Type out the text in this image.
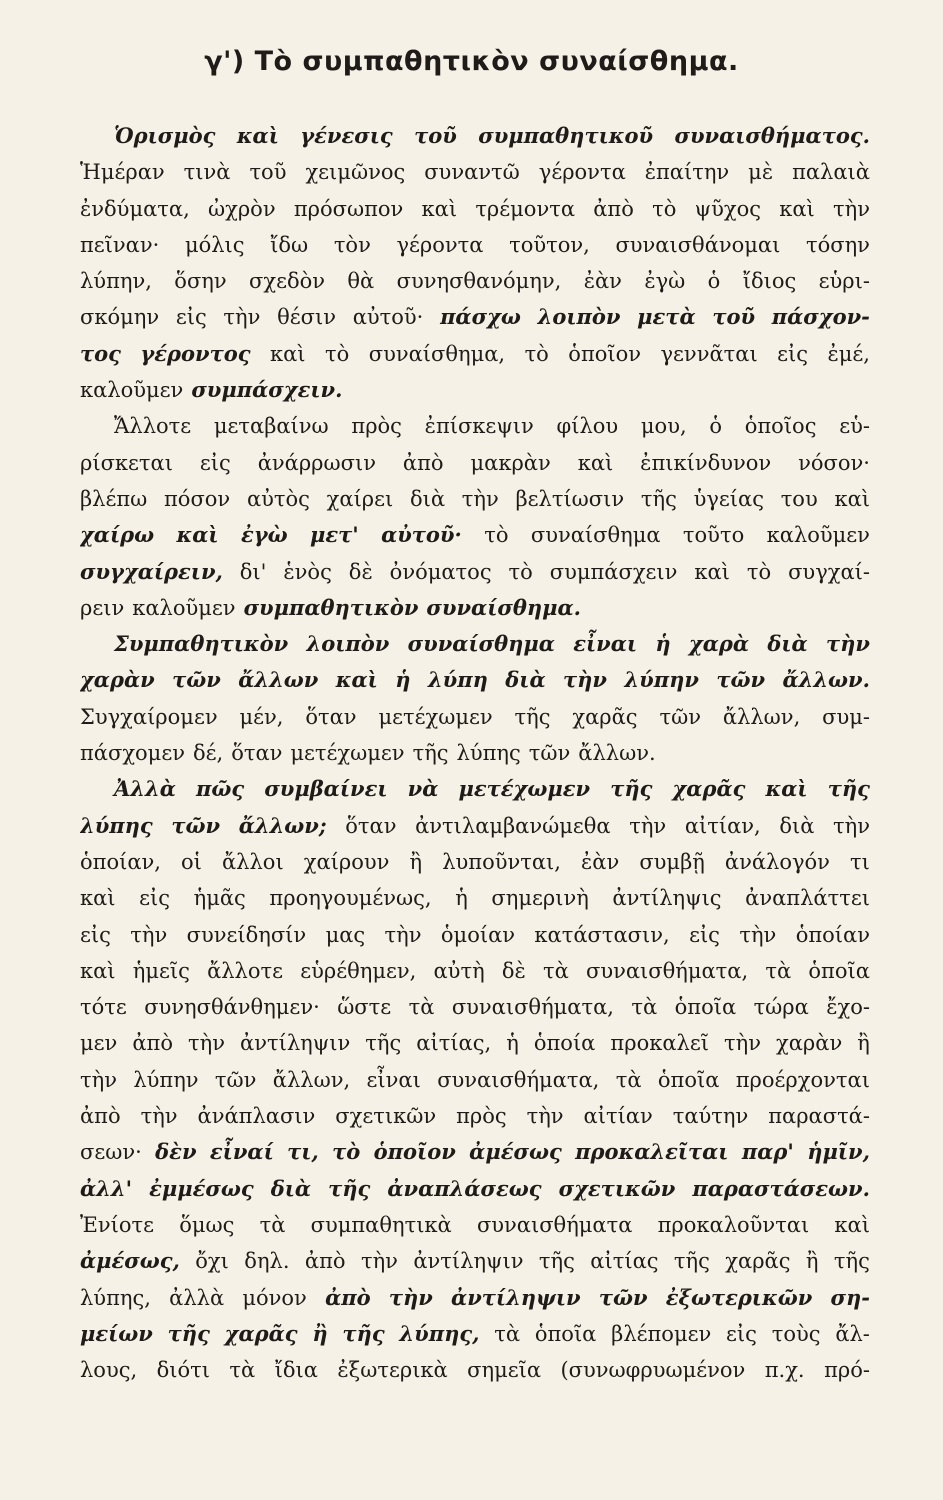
γ') Τὸ συμπαθητικὸν συναίσθημα.
Ὁρισμὸς καὶ γένεσις τοῦ συμπαθητικοῦ συναισθήματος.
Ἡμέραν τινὰ τοῦ χειμῶνος συναντῶ γέροντα ἐπαίτην μὲ παλαιὰ
ἐνδύματα, ὠχρὸν πρόσωπον καὶ τρέμοντα ἀπὸ τὸ ψῦχος καὶ τὴν
πεῖναν· μόλις ἴδω τὸν γέροντα τοῦτον, συναισθάνομαι τόσην
λύπην, ὅσην σχεδὸν θὰ συνησθανόμην, ἐὰν ἐγὼ ὁ ἴδιος εὑρι-
σκόμην εἰς τὴν θέσιν αὐτοῦ· πάσχω λοιπὸν μετὰ τοῦ πάσχον-
τος γέροντος καὶ τὸ συναίσθημα, τὸ ὁποῖον γεννᾶται εἰς ἐμέ,
καλοῦμεν συμπάσχειν.
Ἄλλοτε μεταβαίνω πρὸς ἐπίσκεψιν φίλου μου, ὁ ὁποῖος εὑ-
ρίσκεται εἰς ἀνάρρωσιν ἀπὸ μακρὰν καὶ ἐπικίνδυνον νόσον·
βλέπω πόσον αὐτὸς χαίρει διὰ τὴν βελτίωσιν τῆς ὑγείας του καὶ
χαίρω καὶ ἐγὼ μετ' αὐτοῦ· τὸ συναίσθημα τοῦτο καλοῦμεν
συγχαίρειν, δι' ἑνὸς δὲ ὀνόματος τὸ συμπάσχειν καὶ τὸ συγχαί-
ρειν καλοῦμεν συμπαθητικὸν συναίσθημα.
Συμπαθητικὸν λοιπὸν συναίσθημα εἶναι ἡ χαρὰ διὰ τὴν
χαρὰν τῶν ἄλλων καὶ ἡ λύπη διὰ τὴν λύπην τῶν ἄλλων.
Συγχαίρομεν μέν, ὅταν μετέχωμεν τῆς χαρᾶς τῶν ἄλλων, συμ-
πάσχομεν δέ, ὅταν μετέχωμεν τῆς λύπης τῶν ἄλλων.
Ἀλλὰ πῶς συμβαίνει νὰ μετέχωμεν τῆς χαρᾶς καὶ τῆς
λύπης τῶν ἄλλων; ὅταν ἀντιλαμβανώμεθα τὴν αἰτίαν, διὰ τὴν
ὁποίαν, οἱ ἄλλοι χαίρουν ἢ λυποῦνται, ἐὰν συμβῇ ἀνάλογόν τι
καὶ εἰς ἡμᾶς προηγουμένως, ἡ σημερινὴ ἀντίληψις ἀναπλάττει
εἰς τὴν συνείδησίν μας τὴν ὁμοίαν κατάστασιν, εἰς τὴν ὁποίαν
καὶ ἡμεῖς ἄλλοτε εὑρέθημεν, αὐτὴ δὲ τὰ συναισθήματα, τὰ ὁποῖα
τότε συνησθάνθημεν· ὥστε τὰ συναισθήματα, τὰ ὁποῖα τώρα ἔχο-
μεν ἀπὸ τὴν ἀντίληψιν τῆς αἰτίας, ἡ ὁποία προκαλεῖ τὴν χαρὰν ἢ
τὴν λύπην τῶν ἄλλων, εἶναι συναισθήματα, τὰ ὁποῖα προέρχονται
ἀπὸ τὴν ἀνάπλασιν σχετικῶν πρὸς τὴν αἰτίαν ταύτην παραστά-
σεων· δὲν εἶναί τι, τὸ ὁποῖον ἀμέσως προκαλεῖται παρ' ἡμῖν,
ἀλλ' ἐμμέσως διὰ τῆς ἀναπλάσεως σχετικῶν παραστάσεων.
Ἐνίοτε ὅμως τὰ συμπαθητικὰ συναισθήματα προκαλοῦνται καὶ
ἀμέσως, ὄχι δηλ. ἀπὸ τὴν ἀντίληψιν τῆς αἰτίας τῆς χαρᾶς ἢ τῆς
λύπης, ἀλλὰ μόνον ἀπὸ τὴν ἀντίληψιν τῶν ἐξωτερικῶν ση-
μείων τῆς χαρᾶς ἢ τῆς λύπης, τὰ ὁποῖα βλέπομεν εἰς τοὺς ἄλ-
λους, διότι τὰ ἴδια ἐξωτερικὰ σημεῖα (συνωφρυωμένον π.χ. πρό-
